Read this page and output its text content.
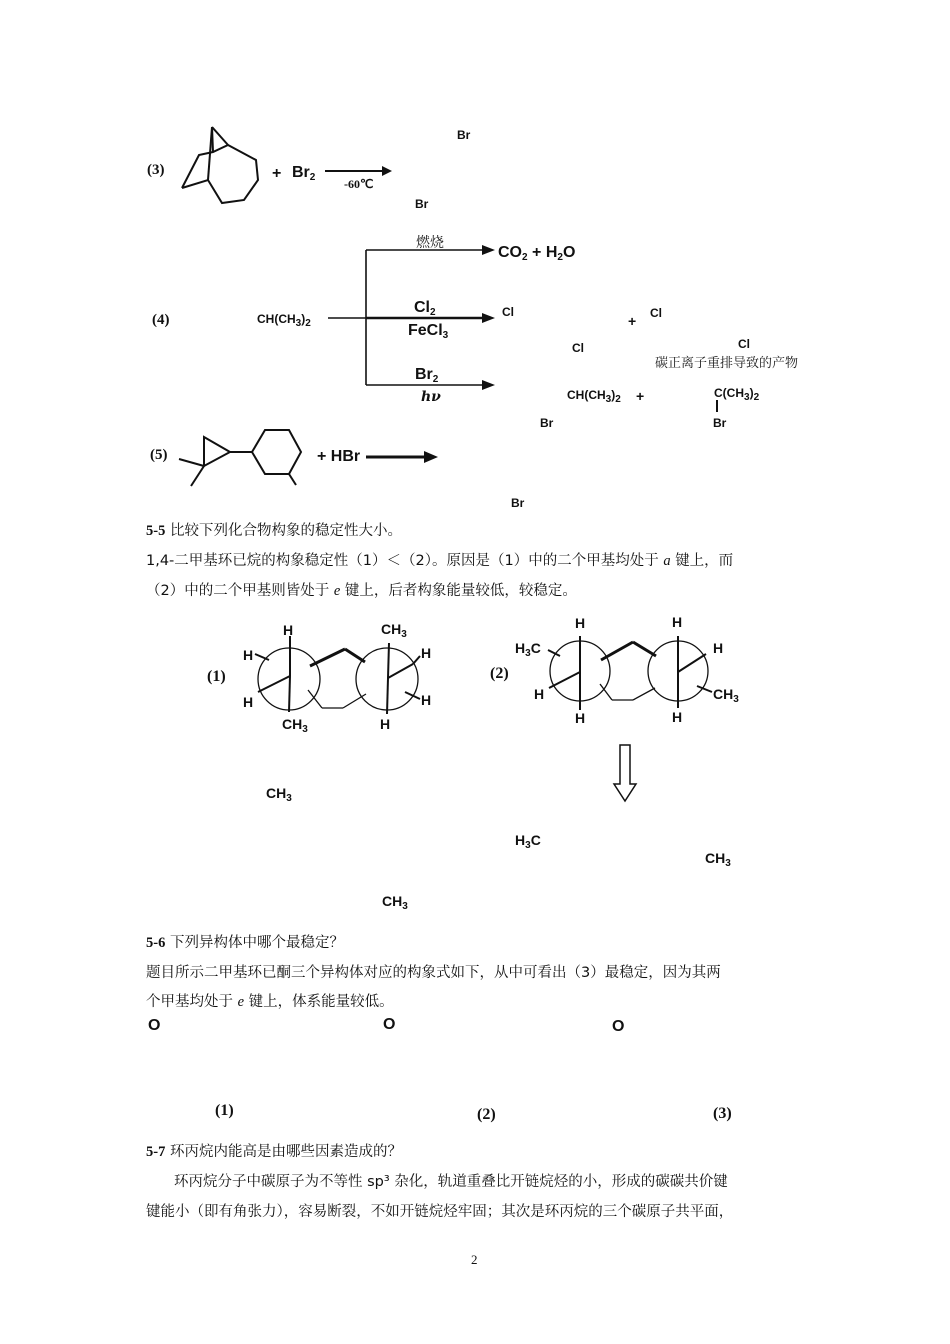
(3)	+ $Br_2$ -60℃
Br
Br
(4)	$CH(CH_3)_2$
燃烧
$CO_2 + H_2O$
$Cl_2$
FeCl$_3$
Cl
+ Cl
Cl	Cl
碳正离子重排导致的产物
$Br_2$
hν	$CH(CH_3)_2$ +	$C(CH_3)_2$
Br	Br
(5)	+ HBr
Br
5-5 比较下列化合物构象的稳定性大小。
1,4-二甲基环已烷的构象稳定性（1）＜（2）。原因是（1）中的二个甲基均处于 a 键上，而
（2）中的二个甲基则皆处于 e 键上，后者构象能量较低，较稳定。
(1)
H
H
H
$CH_3$
$CH_3$
H
H
H
(2)
$H_3C$
H
H
H
H
H
H
$CH_3$
$CH_3$
$H_3C$
$CH_3$
$CH_3$
5-6 下列异构体中哪个最稳定？
题目所示二甲基环已酮三个异构体对应的构象式如下，从中可看出（3）最稳定，因为其两
个甲基均处于 e 键上，体系能量较低。
O	O	O
(1)	(2)	(3)
5-7 环丙烷内能高是由哪些因素造成的？
环丙烷分子中碳原子为不等性 sp³ 杂化，轨道重叠比开链烷烃的小，形成的碳碳共价键
键能小（即有角张力），容易断裂，不如开链烷烃牢固；其次是环丙烷的三个碳原子共平面，
2
